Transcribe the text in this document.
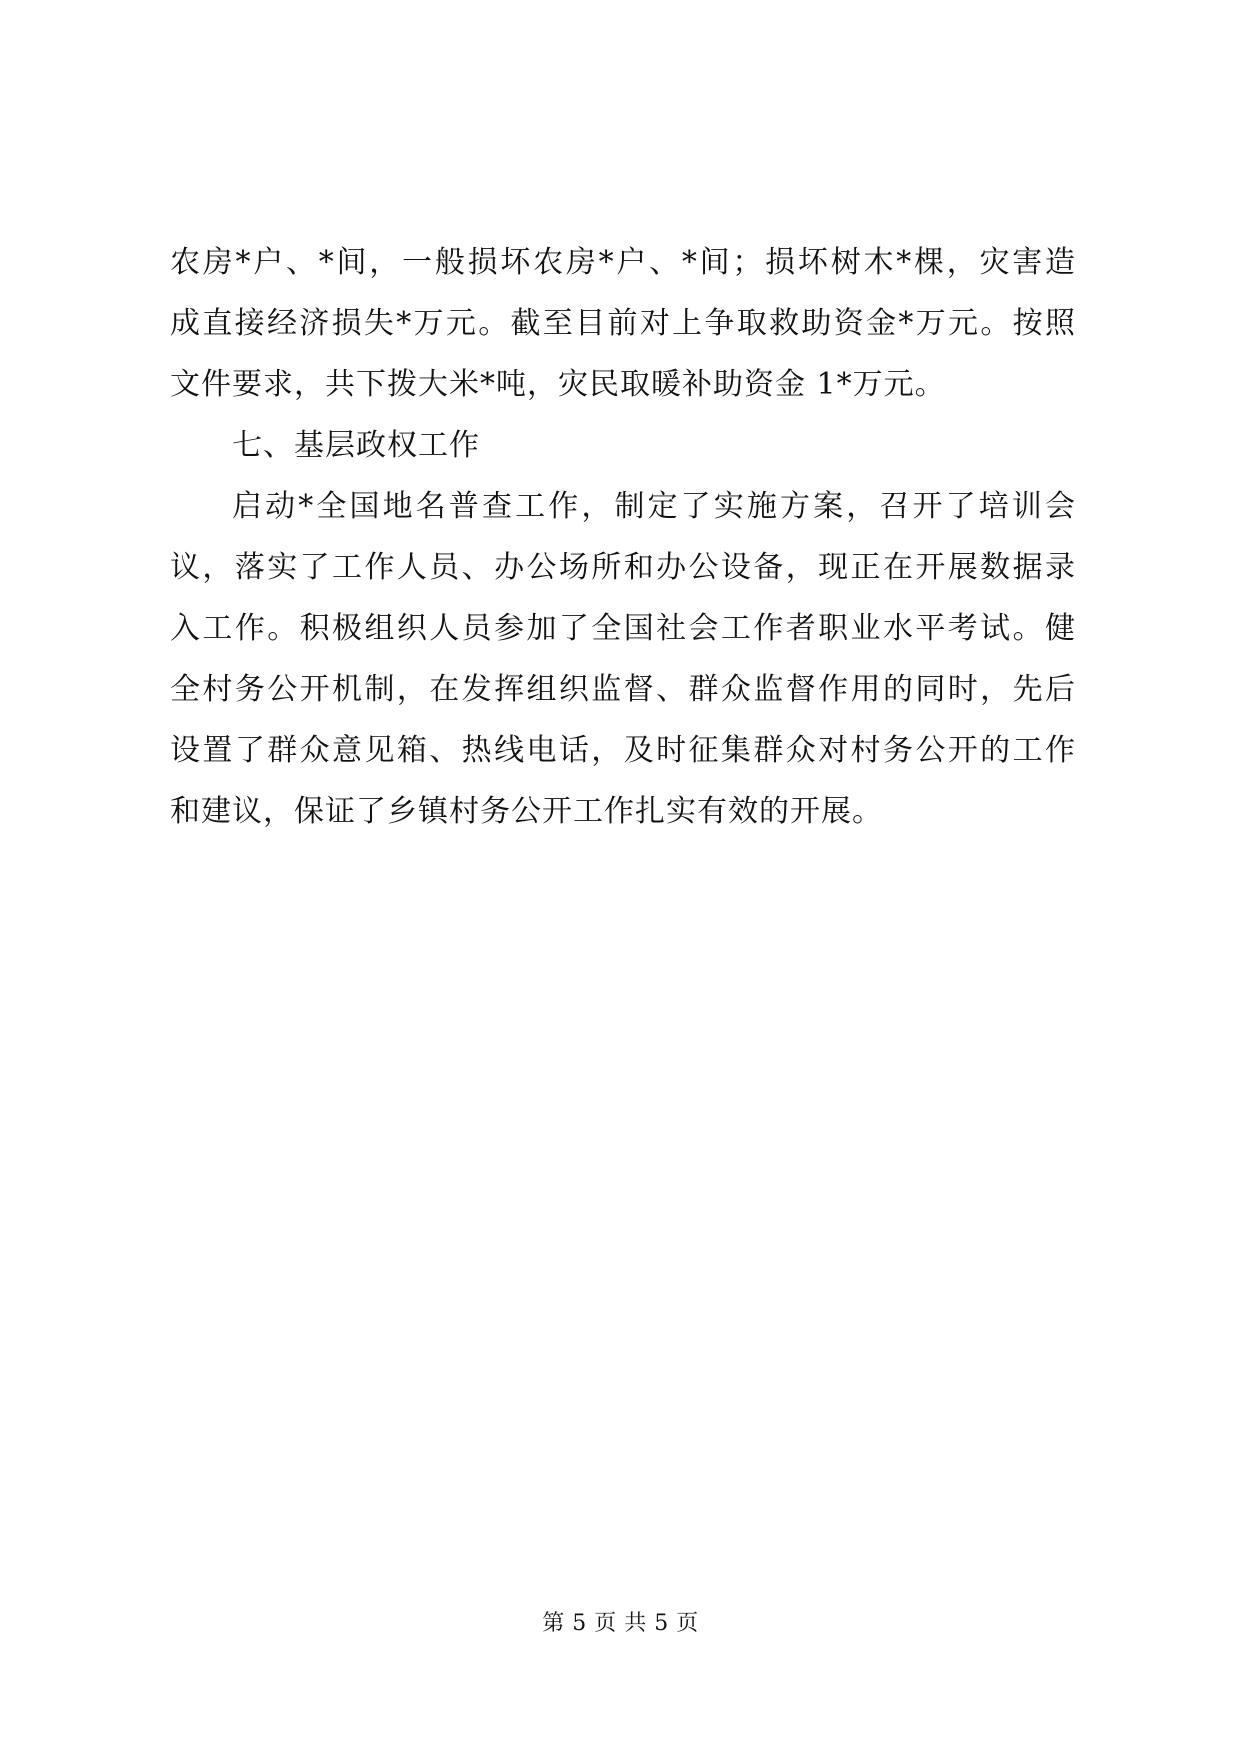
农房*户、*间，一般损坏农房*户、*间；损坏树木*棵，灾害造
成直接经济损失*万元。截至目前对上争取救助资金*万元。按照
文件要求，共下拨大米*吨，灾民取暖补助资金 1*万元。
七、基层政权工作
启动*全国地名普查工作，制定了实施方案，召开了培训会
议，落实了工作人员、办公场所和办公设备，现正在开展数据录
入工作。积极组织人员参加了全国社会工作者职业水平考试。健
全村务公开机制，在发挥组织监督、群众监督作用的同时，先后
设置了群众意见箱、热线电话，及时征集群众对村务公开的工作
和建议，保证了乡镇村务公开工作扎实有效的开展。
第 5 页 共 5 页
